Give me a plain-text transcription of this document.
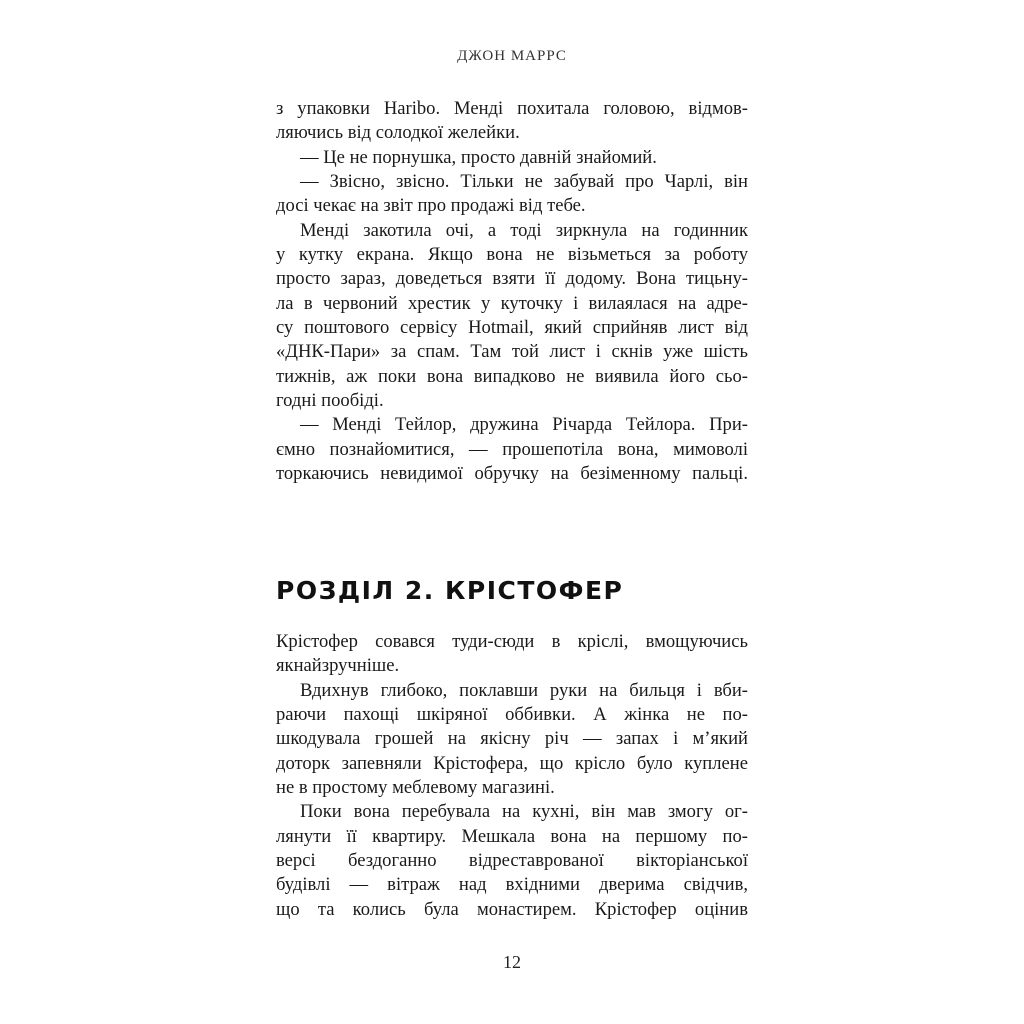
ДЖОН МАРРС
з упаковки Haribo. Менді похитала головою, відмов-
ляючись від солодкої желейки.
— Це не порнушка, просто давній знайомий.
— Звісно, звісно. Тільки не забувай про Чарлі, він
досі чекає на звіт про продажі від тебе.
Менді закотила очі, а тоді зиркнула на годинник
у кутку екрана. Якщо вона не візьметься за роботу
просто зараз, доведеться взяти її додому. Вона тицьну-
ла в червоний хрестик у куточку і вилаялася на адре-
су поштового сервісу Hotmail, який сприйняв лист від
«ДНК-Пари» за спам. Там той лист і скнів уже шість
тижнів, аж поки вона випадково не виявила його сьо-
годні пообіді.
— Менді Тейлор, дружина Річарда Тейлора. При-
ємно познайомитися, — прошепотіла вона, мимоволі
торкаючись невидимої обручку на безіменному пальці.
РОЗДІЛ 2. КРІСТОФЕР
Крістофер совався туди-сюди в кріслі, вмощуючись
якнайзручніше.
Вдихнув глибоко, поклавши руки на бильця і вби-
раючи пахощі шкіряної оббивки. А жінка не по-
шкодувала грошей на якісну річ — запах і м’який
доторк запевняли Крістофера, що крісло було куплене
не в простому меблевому магазині.
Поки вона перебувала на кухні, він мав змогу ог-
лянути її квартиру. Мешкала вона на першому по-
версі бездоганно відреставрованої вікторіанської
будівлі — вітраж над вхідними дверима свідчив,
що та колись була монастирем. Крістофер оцінив
12
